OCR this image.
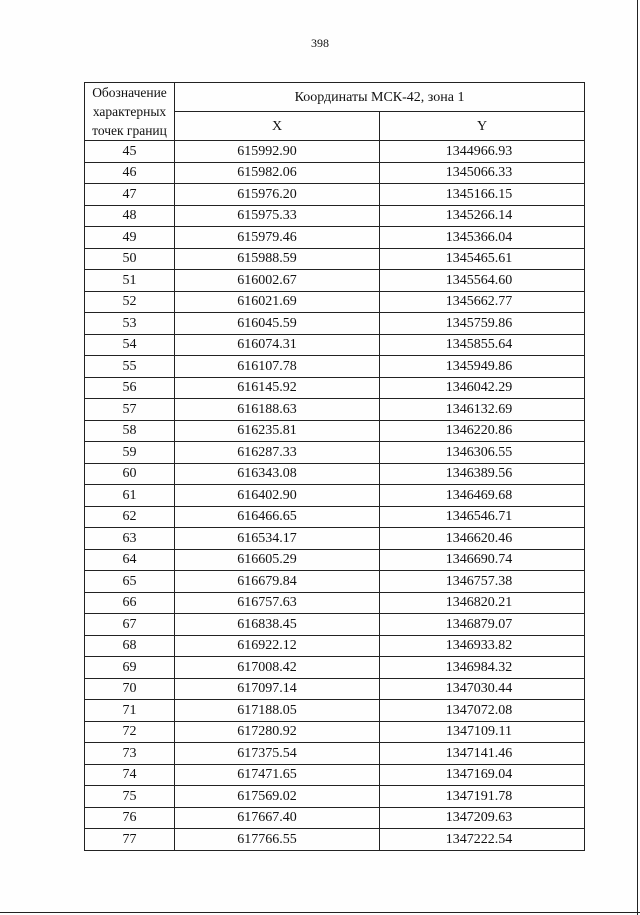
398
Обозначение характерных точек границ	Координаты МСК-42, зона 1	
	X	Y
45	615992.90	1344966.93
46	615982.06	1345066.33
47	615976.20	1345166.15
48	615975.33	1345266.14
49	615979.46	1345366.04
50	615988.59	1345465.61
51	616002.67	1345564.60
52	616021.69	1345662.77
53	616045.59	1345759.86
54	616074.31	1345855.64
55	616107.78	1345949.86
56	616145.92	1346042.29
57	616188.63	1346132.69
58	616235.81	1346220.86
59	616287.33	1346306.55
60	616343.08	1346389.56
61	616402.90	1346469.68
62	616466.65	1346546.71
63	616534.17	1346620.46
64	616605.29	1346690.74
65	616679.84	1346757.38
66	616757.63	1346820.21
67	616838.45	1346879.07
68	616922.12	1346933.82
69	617008.42	1346984.32
70	617097.14	1347030.44
71	617188.05	1347072.08
72	617280.92	1347109.11
73	617375.54	1347141.46
74	617471.65	1347169.04
75	617569.02	1347191.78
76	617667.40	1347209.63
77	617766.55	1347222.54
